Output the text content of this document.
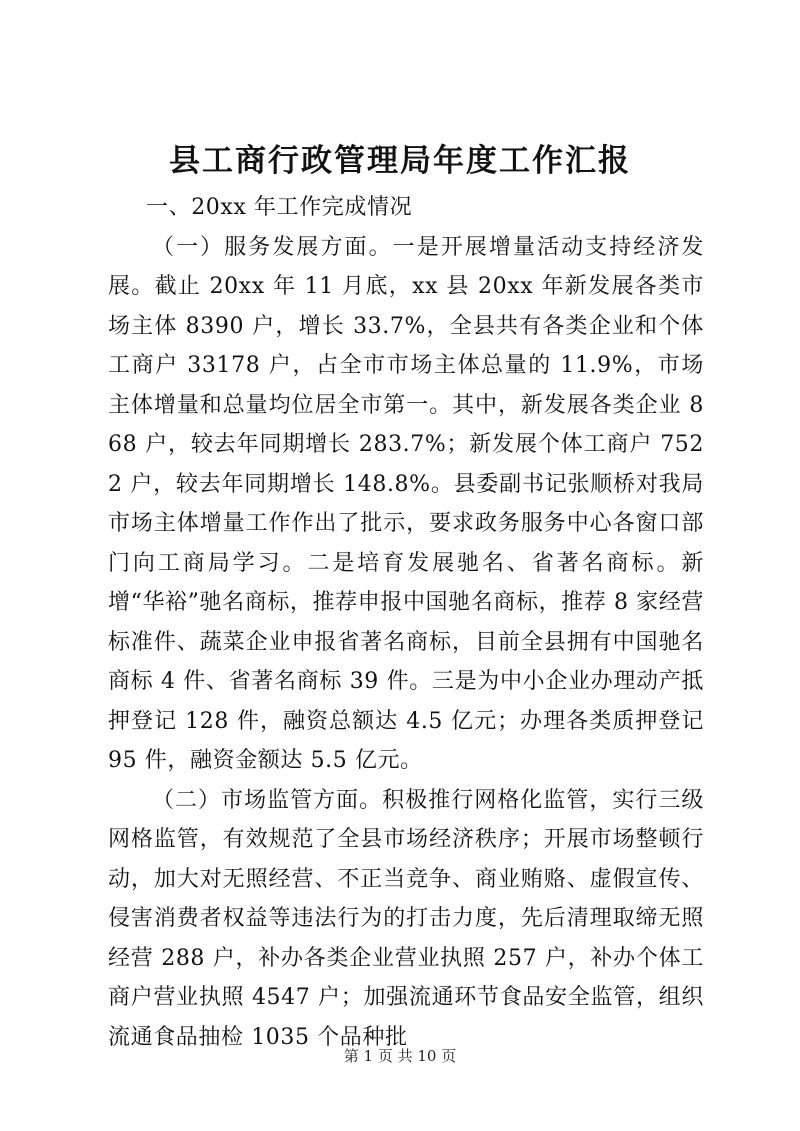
县工商行政管理局年度工作汇报

一、20xx 年工作完成情况

（一）服务发展方面。一是开展增量活动支持经济发展。截止 20xx 年 11 月底，xx 县 20xx 年新发展各类市场主体 8390 户，增长 33.7%，全县共有各类企业和个体工商户 33178 户，占全市市场主体总量的 11.9%，市场主体增量和总量均位居全市第一。其中，新发展各类企业 868 户，较去年同期增长 283.7%；新发展个体工商户 7522 户，较去年同期增长 148.8%。县委副书记张顺桥对我局市场主体增量工作作出了批示，要求政务服务中心各窗口部门向工商局学习。二是培育发展驰名、省著名商标。新增“华裕”驰名商标，推荐申报中国驰名商标，推荐 8 家经营标准件、蔬菜企业申报省著名商标，目前全县拥有中国驰名商标 4 件、省著名商标 39 件。三是为中小企业办理动产抵押登记 128 件，融资总额达 4.5 亿元；办理各类质押登记 95 件，融资金额达 5.5 亿元。

（二）市场监管方面。积极推行网格化监管，实行三级网格监管，有效规范了全县市场经济秩序；开展市场整顿行动，加大对无照经营、不正当竞争、商业贿赂、虚假宣传、侵害消费者权益等违法行为的打击力度，先后清理取缔无照经营 288 户，补办各类企业营业执照 257 户，补办个体工商户营业执照 4547 户；加强流通环节食品安全监管，组织流通食品抽检 1035 个品种批

第 1 页 共 10 页
